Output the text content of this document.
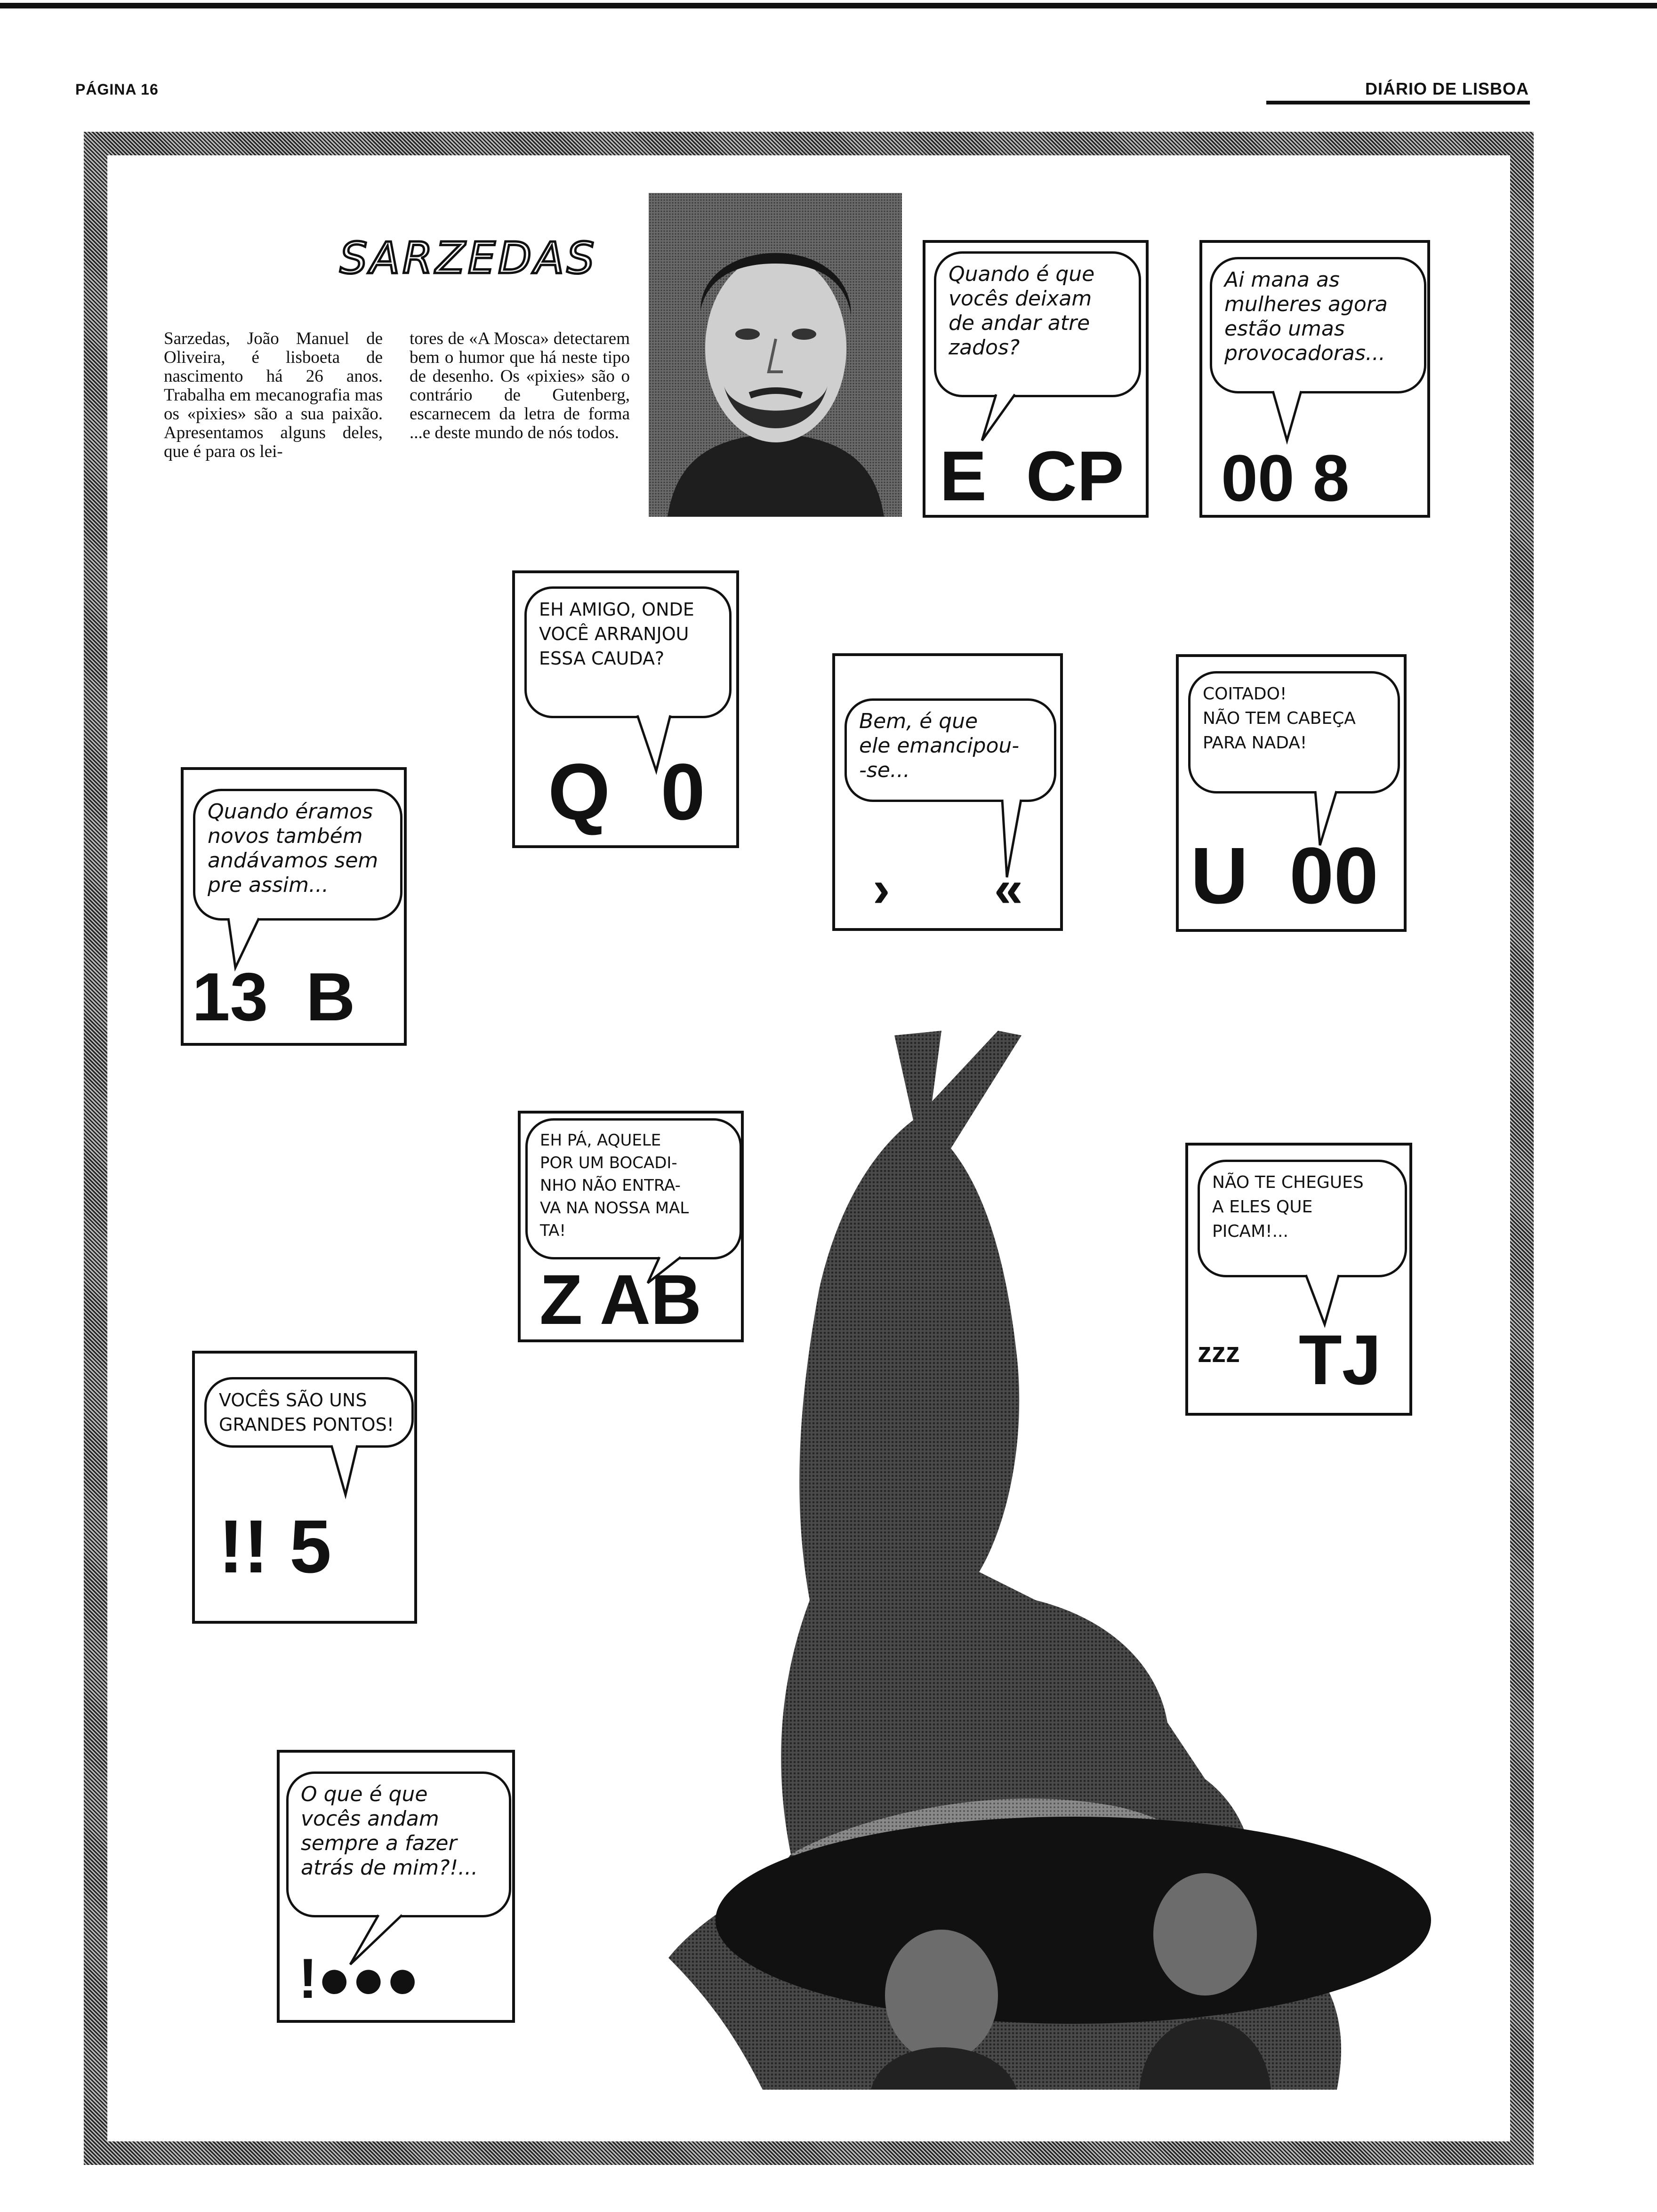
PÁGINA 16	DIÁRIO DE LISBOA
SARZEDAS
Sarzedas, João Manuel de Oliveira, é lisboeta de nascimento há 26 anos. Trabalha em mecanografia mas os «pixies» são a sua paixão. Apresentamos alguns deles, que é para os lei-
tores de «A Mosca» detectarem bem o humor que há neste tipo de desenho. Os «pixies» são o contrário de Gutenberg, escarnecem da letra de forma ...e deste mundo de nós todos.
Quando é que
vocês deixam
de andar atre
zados?
E  CP
Ai mana as
mulheres agora
estão umas
provocadoras...
00 8
EH AMIGO, ONDE
VOCÊ ARRANJOU
ESSA CAUDA?
Q 0
Bem, é que
ele emancipou-
-se...
›  «
COITADO!
NÃO TEM CABEÇA
PARA NADA!
U 00
Quando éramos
novos também
andávamos sem
pre assim...
13  B
EH PÁ, AQUELE
POR UM BOCADI-
NHO NÃO ENTRA-
VA NA NOSSA MAL
TA!
Z AB
NÃO TE CHEGUES
A ELES QUE
PICAM!...
zzz TJ
VOCÊS SÃO UNS
GRANDES PONTOS!
!! 5
O que é que
vocês andam
sempre a fazer
atrás de mim?!...
!●●●
